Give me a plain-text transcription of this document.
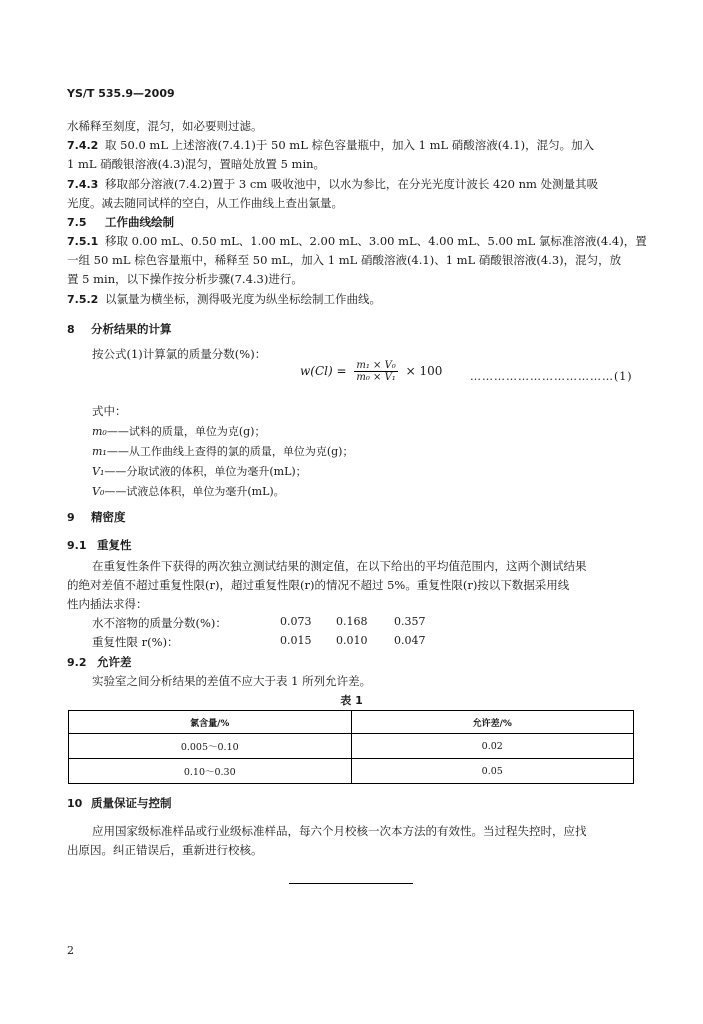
YS/T 535.9—2009
水稀释至刻度，混匀，如必要则过滤。
7.4.2 取 50.0 mL 上述溶液(7.4.1)于 50 mL 棕色容量瓶中，加入 1 mL 硝酸溶液(4.1)，混匀。加入
1 mL 硝酸银溶液(4.3)混匀，置暗处放置 5 min。
7.4.3 移取部分溶液(7.4.2)置于 3 cm 吸收池中，以水为参比，在分光光度计波长 420 nm 处测量其吸
光度。减去随同试样的空白，从工作曲线上查出氯量。
7.5 工作曲线绘制
7.5.1 移取 0.00 mL、0.50 mL、1.00 mL、2.00 mL、3.00 mL、4.00 mL、5.00 mL 氯标准溶液(4.4)，置
一组 50 mL 棕色容量瓶中，稀释至 50 mL，加入 1 mL 硝酸溶液(4.1)、1 mL 硝酸银溶液(4.3)，混匀，放
置 5 min，以下操作按分析步骤(7.4.3)进行。
7.5.2 以氯量为横坐标，测得吸光度为纵坐标绘制工作曲线。
8 分析结果的计算
按公式(1)计算氯的质量分数(%)：
$w(Cl) = \frac{\text{m₁ × V₀}}{\text{m₀ × V₁}} \times 100$	………………………………(1)
式中：
m₀——试料的质量，单位为克(g)；
m₁——从工作曲线上查得的氯的质量，单位为克(g)；
V₁——分取试液的体积，单位为毫升(mL)；
V₀——试液总体积，单位为毫升(mL)。
9 精密度
9.1 重复性
在重复性条件下获得的两次独立测试结果的测定值，在以下给出的平均值范围内，这两个测试结果
的绝对差值不超过重复性限(r)，超过重复性限(r)的情况不超过 5%。重复性限(r)按以下数据采用线
性内插法求得：
水不溶物的质量分数(%)：	0.073 0.168 0.357
重复性限 r(%)：	0.015 0.010 0.047
9.2 允许差
实验室之间分析结果的差值不应大于表 1 所列允许差。
表 1
氯含量/%	允许差/%
0.005～0.10	0.02
0.10～0.30	0.05
10 质量保证与控制
应用国家级标准样品或行业级标准样品，每六个月校核一次本方法的有效性。当过程失控时，应找
出原因。纠正错误后，重新进行校核。
2
